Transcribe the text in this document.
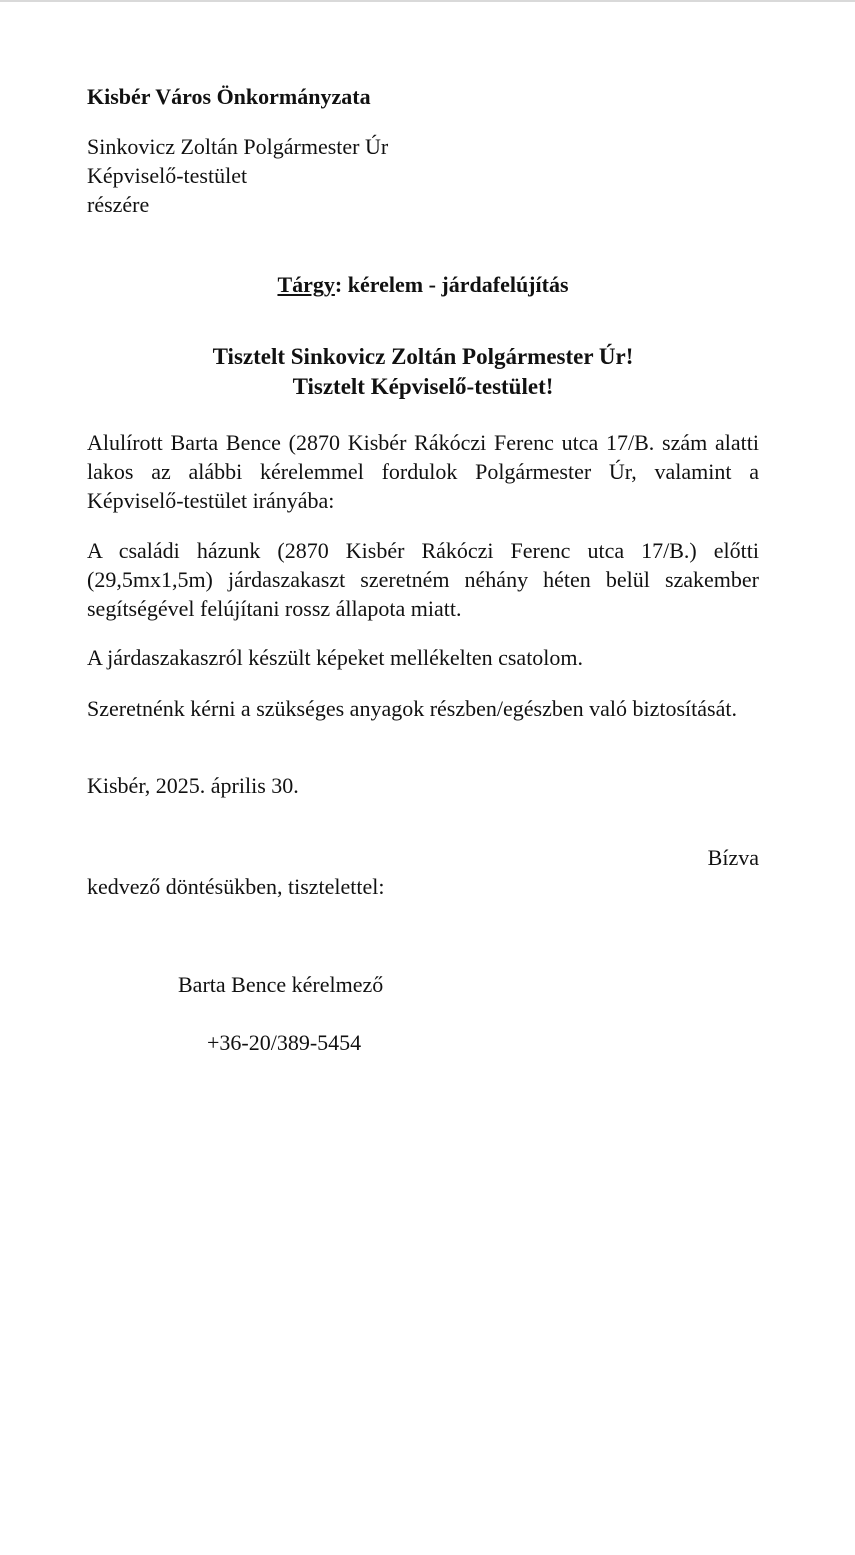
Kisbér Város Önkormányzata

Sinkovicz Zoltán Polgármester Úr

Képviselő-testület

részére

Tárgy: kérelem - járdafelújítás

Tisztelt Sinkovicz Zoltán Polgármester Úr!

Tisztelt Képviselő-testület!

Alulírott Barta Bence (2870 Kisbér Rákóczi Ferenc utca 17/B. szám alatti lakos az alábbi kérelemmel fordulok Polgármester Úr, valamint a Képviselő-testület irányába:

A családi házunk (2870 Kisbér Rákóczi Ferenc utca 17/B.) előtti (29,5mx1,5m) járdaszakaszt szeretném néhány héten belül szakember segítségével felújítani rossz állapota miatt.

A járdaszakaszról készült képeket mellékelten csatolom.

Szeretnénk kérni a szükséges anyagok részben/egészben való biztosítását.

Kisbér, 2025. április 30.

Bízva

kedvező döntésükben, tisztelettel:

Barta Bence kérelmező

+36-20/389-5454
